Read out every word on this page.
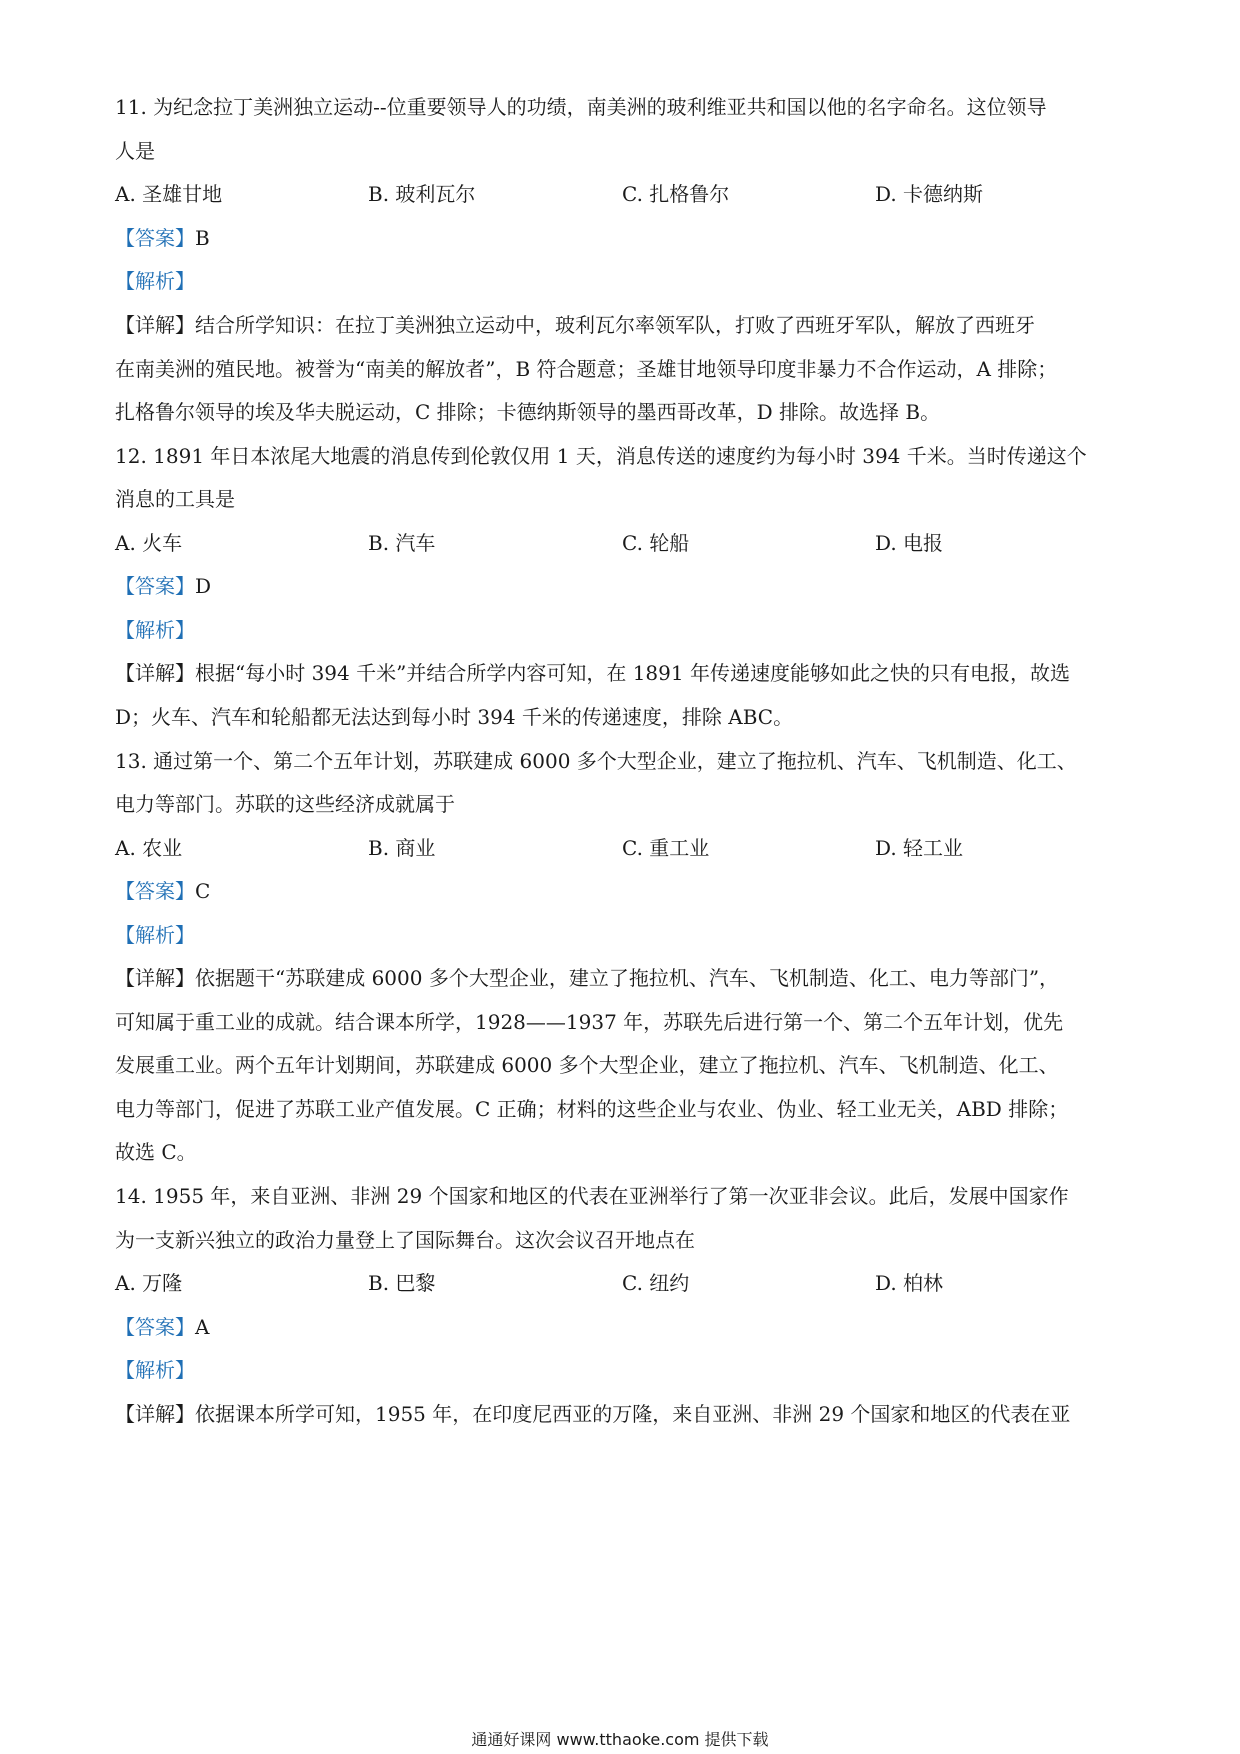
11. 为纪念拉丁美洲独立运动--位重要领导人的功绩，南美洲的玻利维亚共和国以他的名字命名。这位领导
人是
A. 圣雄甘地	B. 玻利瓦尔	C. 扎格鲁尔	D. 卡德纳斯
【答案】B
【解析】
【详解】结合所学知识：在拉丁美洲独立运动中，玻利瓦尔率领军队，打败了西班牙军队，解放了西班牙
在南美洲的殖民地。被誉为“南美的解放者”，B 符合题意；圣雄甘地领导印度非暴力不合作运动，A 排除；
扎格鲁尔领导的埃及华夫脱运动，C 排除；卡德纳斯领导的墨西哥改革，D 排除。故选择 B。
12. 1891 年日本浓尾大地震的消息传到伦敦仅用 1 天，消息传送的速度约为每小时 394 千米。当时传递这个
消息的工具是
A. 火车	B. 汽车	C. 轮船	D. 电报
【答案】D
【解析】
【详解】根据“每小时 394 千米”并结合所学内容可知，在 1891 年传递速度能够如此之快的只有电报，故选
D；火车、汽车和轮船都无法达到每小时 394 千米的传递速度，排除 ABC。
13. 通过第一个、第二个五年计划，苏联建成 6000 多个大型企业，建立了拖拉机、汽车、飞机制造、化工、
电力等部门。苏联的这些经济成就属于
A. 农业	B. 商业	C. 重工业	D. 轻工业
【答案】C
【解析】
【详解】依据题干“苏联建成 6000 多个大型企业，建立了拖拉机、汽车、飞机制造、化工、电力等部门”，
可知属于重工业的成就。结合课本所学，1928——1937 年，苏联先后进行第一个、第二个五年计划，优先
发展重工业。两个五年计划期间，苏联建成 6000 多个大型企业，建立了拖拉机、汽车、飞机制造、化工、
电力等部门，促进了苏联工业产值发展。C 正确；材料的这些企业与农业、伪业、轻工业无关，ABD 排除；
故选 C。
14. 1955 年，来自亚洲、非洲 29 个国家和地区的代表在亚洲举行了第一次亚非会议。此后，发展中国家作
为一支新兴独立的政治力量登上了国际舞台。这次会议召开地点在
A. 万隆	B. 巴黎	C. 纽约	D. 柏林
【答案】A
【解析】
【详解】依据课本所学可知，1955 年，在印度尼西亚的万隆，来自亚洲、非洲 29 个国家和地区的代表在亚
通通好课网 www.tthaoke.com 提供下载
